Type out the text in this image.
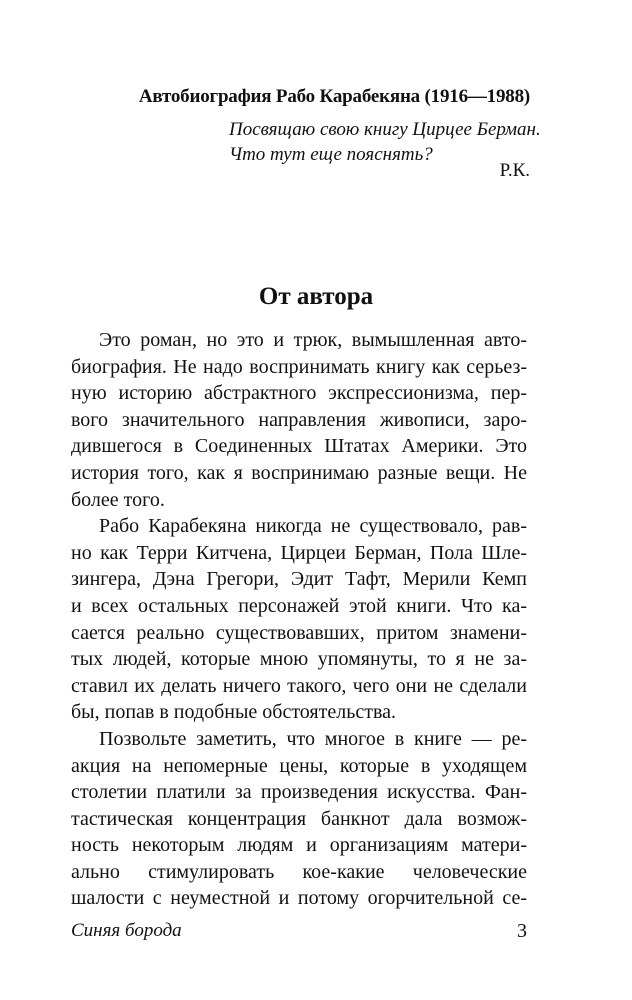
Автобиография Рабо Карабекяна (1916—1988)
Посвящаю свою книгу Цирцее Берман.
Что тут еще пояснять?
Р.К.
От автора
Это роман, но это и трюк, вымышленная авто-
биография. Не надо воспринимать книгу как серьез-
ную историю абстрактного экспрессионизма, пер-
вого значительного направления живописи, заро-
дившегося в Соединенных Штатах Америки. Это
история того, как я воспринимаю разные вещи. Не
более того.
Рабо Карабекяна никогда не существовало, рав-
но как Терри Китчена, Цирцеи Берман, Пола Шле-
зингера, Дэна Грегори, Эдит Тафт, Мерили Кемп
и всех остальных персонажей этой книги. Что ка-
сается реально существовавших, притом знамени-
тых людей, которые мною упомянуты, то я не за-
ставил их делать ничего такого, чего они не сделали
бы, попав в подобные обстоятельства.
Позвольте заметить, что многое в книге — ре-
акция на непомерные цены, которые в уходящем
столетии платили за произведения искусства. Фан-
тастическая концентрация банкнот дала возмож-
ность некоторым людям и организациям матери-
ально стимулировать кое-какие человеческие
шалости с неуместной и потому огорчительной се-
Синяя борода	3
